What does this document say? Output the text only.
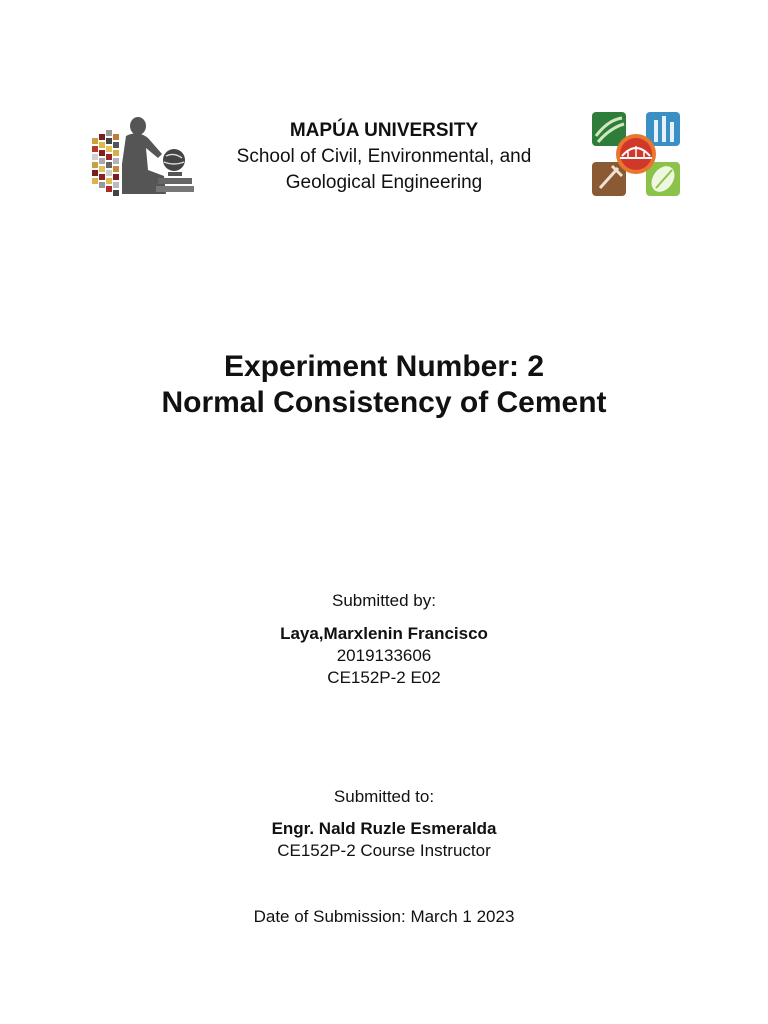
MAPÚA UNIVERSITY
School of Civil, Environmental, and
Geological Engineering
Experiment Number: 2
Normal Consistency of Cement
Submitted by:
Laya,Marxlenin Francisco
2019133606
CE152P-2 E02
Submitted to:
Engr. Nald Ruzle Esmeralda
CE152P-2 Course Instructor
Date of Submission: March 1 2023
